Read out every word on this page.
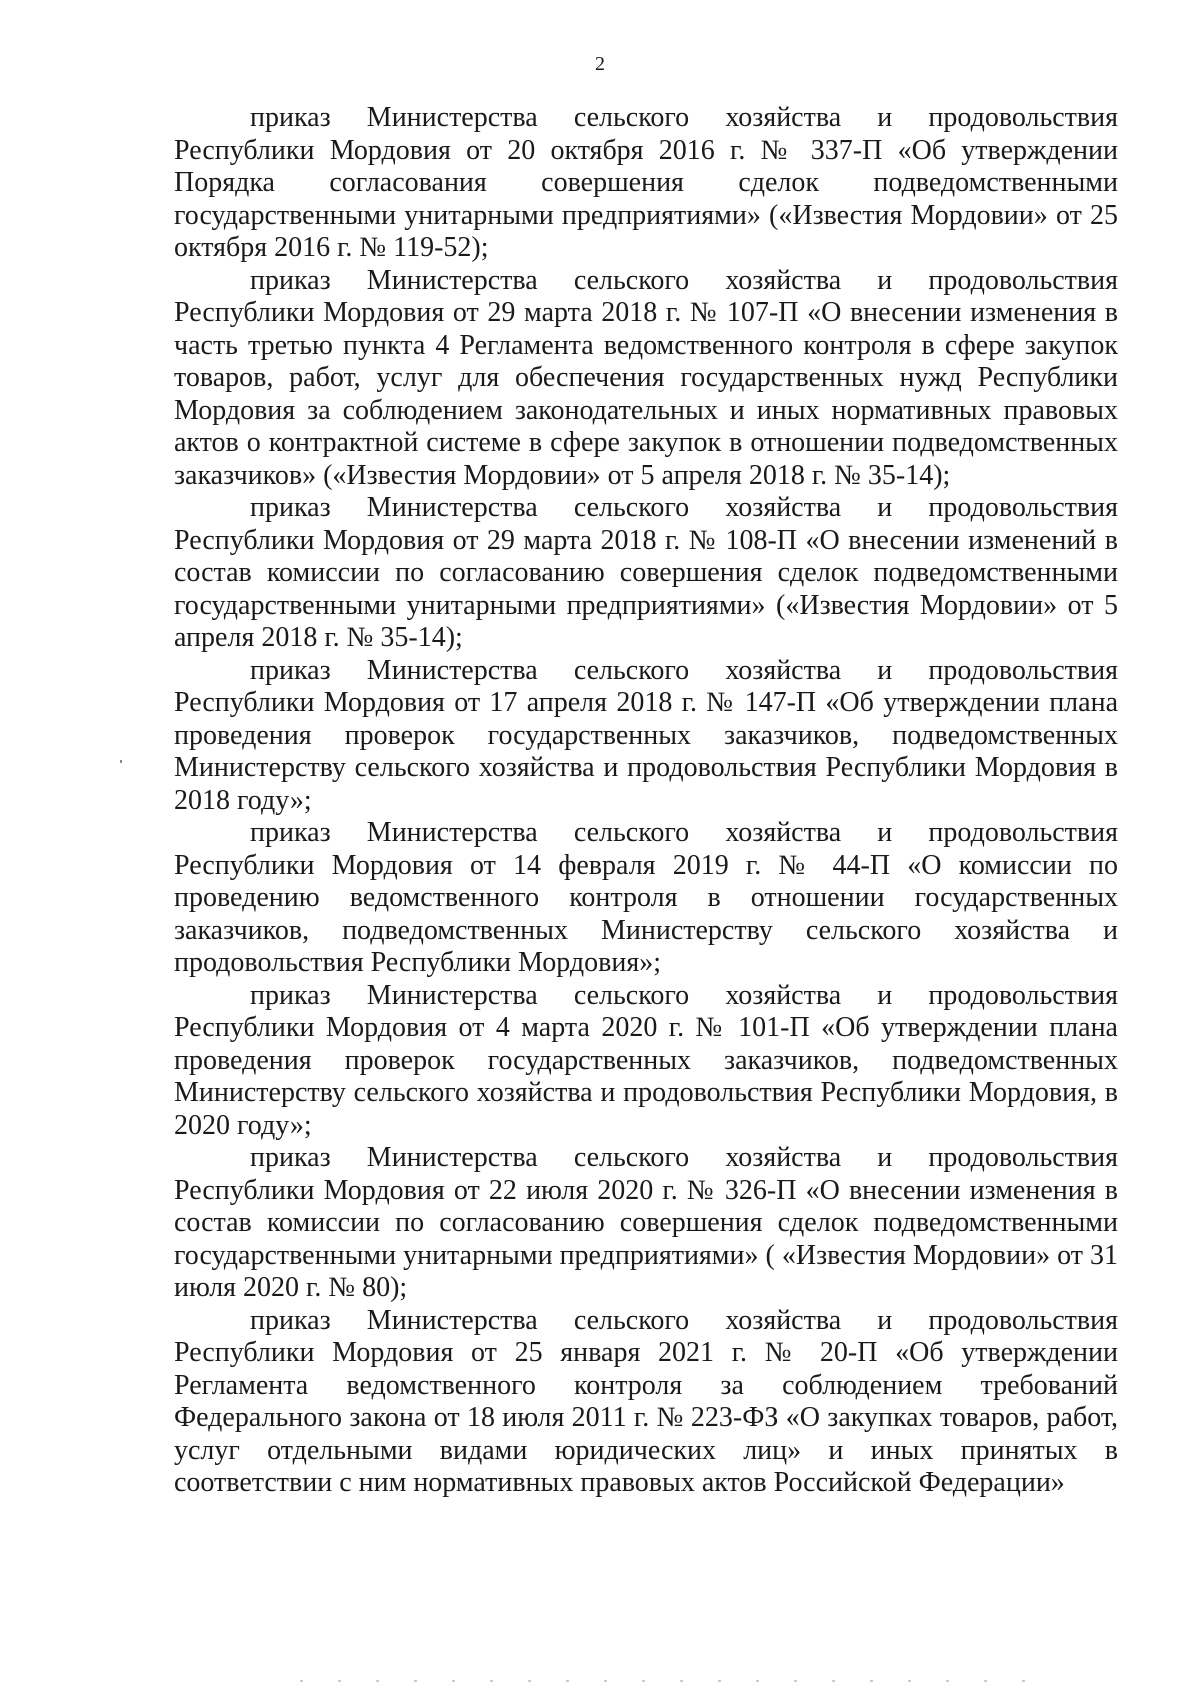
2

приказ Министерства сельского хозяйства и продовольствия Республики Мордовия от 20 октября 2016 г. № 337-П «Об утверждении Порядка согласования совершения сделок подведомственными государственными унитарными предприятиями» («Известия Мордовии» от 25 октября 2016 г. № 119-52);

приказ Министерства сельского хозяйства и продовольствия Республики Мордовия от 29 марта 2018 г. № 107-П «О внесении изменения в часть третью пункта 4 Регламента ведомственного контроля в сфере закупок товаров, работ, услуг для обеспечения государственных нужд Республики Мордовия за соблюдением законодательных и иных нормативных правовых актов о контрактной системе в сфере закупок в отношении подведомственных заказчиков» («Известия Мордовии» от 5 апреля 2018 г. № 35-14);

приказ Министерства сельского хозяйства и продовольствия Республики Мордовия от 29 марта 2018 г. № 108-П «О внесении изменений в состав комиссии по согласованию совершения сделок подведомственными государственными унитарными предприятиями» («Известия Мордовии» от 5 апреля 2018 г. № 35-14);

приказ Министерства сельского хозяйства и продовольствия Республики Мордовия от 17 апреля 2018 г. № 147-П «Об утверждении плана проведения проверок государственных заказчиков, подведомственных Министерству сельского хозяйства и продовольствия Республики Мордовия в 2018 году»;

приказ Министерства сельского хозяйства и продовольствия Республики Мордовия от 14 февраля 2019 г. № 44-П «О комиссии по проведению ведомственного контроля в отношении государственных заказчиков, подведомственных Министерству сельского хозяйства и продовольствия Республики Мордовия»;

приказ Министерства сельского хозяйства и продовольствия Республики Мордовия от 4 марта 2020 г. № 101-П «Об утверждении плана проведения проверок государственных заказчиков, подведомственных Министерству сельского хозяйства и продовольствия Республики Мордовия, в 2020 году»;

приказ Министерства сельского хозяйства и продовольствия Республики Мордовия от 22 июля 2020 г. № 326-П «О внесении изменения в состав комиссии по согласованию совершения сделок подведомственными государственными унитарными предприятиями» ( «Известия Мордовии» от 31 июля 2020 г. № 80);

приказ Министерства сельского хозяйства и продовольствия Республики Мордовия от 25 января 2021 г. № 20-П «Об утверждении Регламента ведомственного контроля за соблюдением требований Федерального закона от 18 июля 2011 г. № 223-ФЗ «О закупках товаров, работ, услуг отдельными видами юридических лиц» и иных принятых в соответствии с ним нормативных правовых актов Российской Федерации»
